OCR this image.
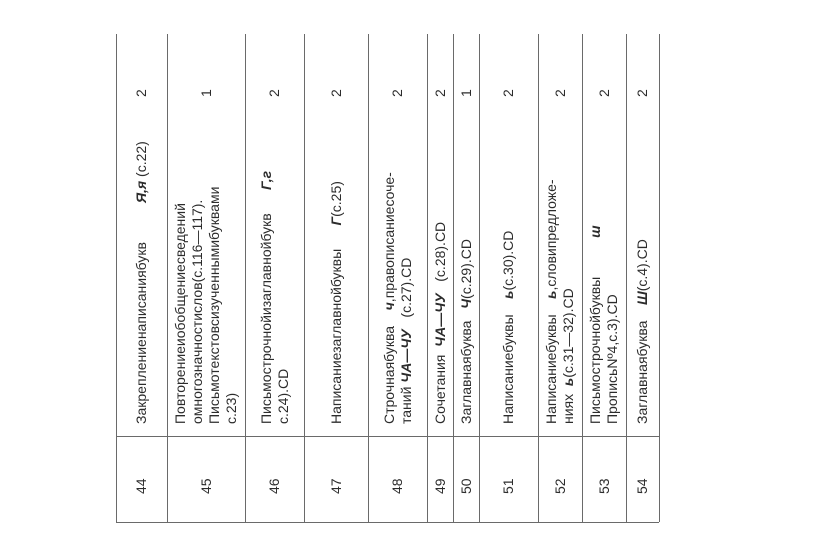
44
2
Закреплениенаписаниябукв          Я,я (с.22)
45
1
Повторениеиобобщениесведений омногозначностислов(с.116—117). Письмотекстовсизученнымибуквами с.23)
46
2
Письмострочнойизаглавнойбукв      Г,г
с.24).CD
47
2
Написаниезаглавнойбуквы      Г(с.25)
48
2
Строчнаябуква    ч,правописаниесоче-
таний ЧА—ЧУ   (с.27).CD
49
2
Сочетания  ЧА—ЧУ   (с.28).CD
50
1
Заглавнаябуква   Ч(с.29).CD
51
2
Написаниебуквы    ь(с.30).CD
52
2
Написаниебуквы    ь,словипредложе-
ниях  ь(с.31—32).CD
53
2
Письмострочнойбуквы          ш
ПрописьNº4,с.3).CD
54
2
Заглавнаябуква    Ш(с.4).CD
